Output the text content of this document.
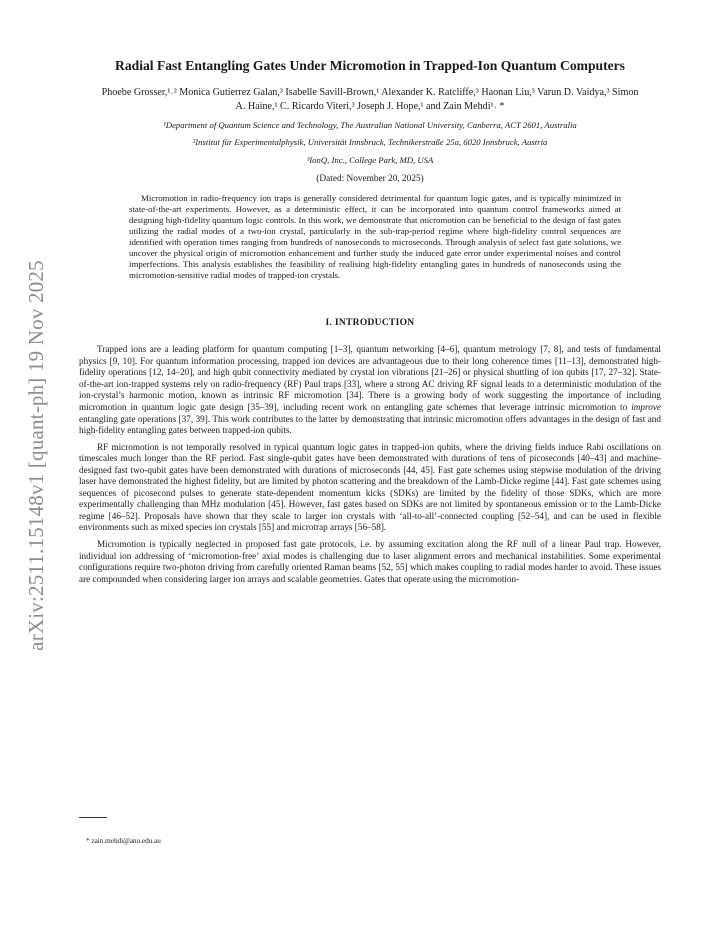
arXiv:2511.15148v1 [quant-ph] 19 Nov 2025
Radial Fast Entangling Gates Under Micromotion in Trapped-Ion Quantum Computers
Phoebe Grosser,¹˒² Monica Gutierrez Galan,³ Isabelle Savill-Brown,¹ Alexander K. Ratcliffe,³ Haonan Liu,³ Varun D. Vaidya,³ Simon A. Haine,¹ C. Ricardo Viteri,³ Joseph J. Hope,¹ and Zain Mehdi¹˒ *
¹Department of Quantum Science and Technology, The Australian National University, Canberra, ACT 2601, Australia
²Institut für Experimentalphysik, Universität Innsbruck, Technikerstraße 25a, 6020 Innsbruck, Austria
³IonQ, Inc., College Park, MD, USA
(Dated: November 20, 2025)

Micromotion in radio-frequency ion traps is generally considered detrimental for quantum logic gates, and is typically minimized in state-of-the-art experiments. However, as a deterministic effect, it can be incorporated into quantum control frameworks aimed at designing high-fidelity quantum logic controls. In this work, we demonstrate that micromotion can be beneficial to the design of fast gates utilizing the radial modes of a two-ion crystal, particularly in the sub-trap-period regime where high-fidelity control sequences are identified with operation times ranging from hundreds of nanoseconds to microseconds. Through analysis of select fast gate solutions, we uncover the physical origin of micromotion enhancement and further study the induced gate error under experimental noises and control imperfections. This analysis establishes the feasibility of realising high-fidelity entangling gates in hundreds of nanoseconds using the micromotion-sensitive radial modes of trapped-ion crystals.

I. INTRODUCTION

Trapped ions are a leading platform for quantum computing [1–3], quantum networking [4–6], quantum metrology [7, 8], and tests of fundamental physics [9, 10]. For quantum information processing, trapped ion devices are advantageous due to their long coherence times [11–13], demonstrated high-fidelity operations [12, 14–20], and high qubit connectivity mediated by crystal ion vibrations [21–26] or physical shuttling of ion qubits [17, 27–32]. State-of-the-art ion-trapped systems rely on radio-frequency (RF) Paul traps [33], where a strong AC driving RF signal leads to a deterministic modulation of the ion-crystal’s harmonic motion, known as intrinsic RF micromotion [34]. There is a growing body of work suggesting the importance of including micromotion in quantum logic gate design [35–39], including recent work on entangling gate schemes that leverage intrinsic micromotion to improve entangling gate operations [37, 39]. This work contributes to the latter by demonstrating that intrinsic micromotion offers advantages in the design of fast and high-fidelity entangling gates between trapped-ion qubits.

RF micromotion is not temporally resolved in typical quantum logic gates in trapped-ion qubits, where the driving fields induce Rabi oscillations on timescales much longer than the RF period. Fast single-qubit gates have been demonstrated with durations of tens of picoseconds [40–43] and machine-designed fast two-qubit gates have been demonstrated with durations of microseconds [44, 45]. Fast gate schemes using stepwise modulation of the driving laser have demonstrated the highest fidelity, but are limited by photon scattering and the breakdown of the Lamb-Dicke regime [44]. Fast gate schemes using sequences of picosecond pulses to generate state-dependent momentum kicks (SDKs) are limited by the fidelity of those SDKs, which are more experimentally challenging than MHz modulation [45]. However, fast gates based on SDKs are not limited by spontaneous emission or to the Lamb-Dicke regime [46–52]. Proposals have shown that they scale to larger ion crystals with ‘all-to-all’-connected coupling [52–54], and can be used in flexible environments such as mixed species ion crystals [55] and microtrap arrays [56–58].

Micromotion is typically neglected in proposed fast gate protocols, i.e. by assuming excitation along the RF null of a linear Paul trap. However, individual ion addressing of ‘micromotion-free’ axial modes is challenging due to laser alignment errors and mechanical instabilities. Some experimental configurations require two-photon driving from carefully oriented Raman beams [52, 55] which makes coupling to radial modes harder to avoid. These issues are compounded when considering larger ion arrays and scalable geometries. Gates that operate using the micromotion-

* zain.mehdi@anu.edu.au
